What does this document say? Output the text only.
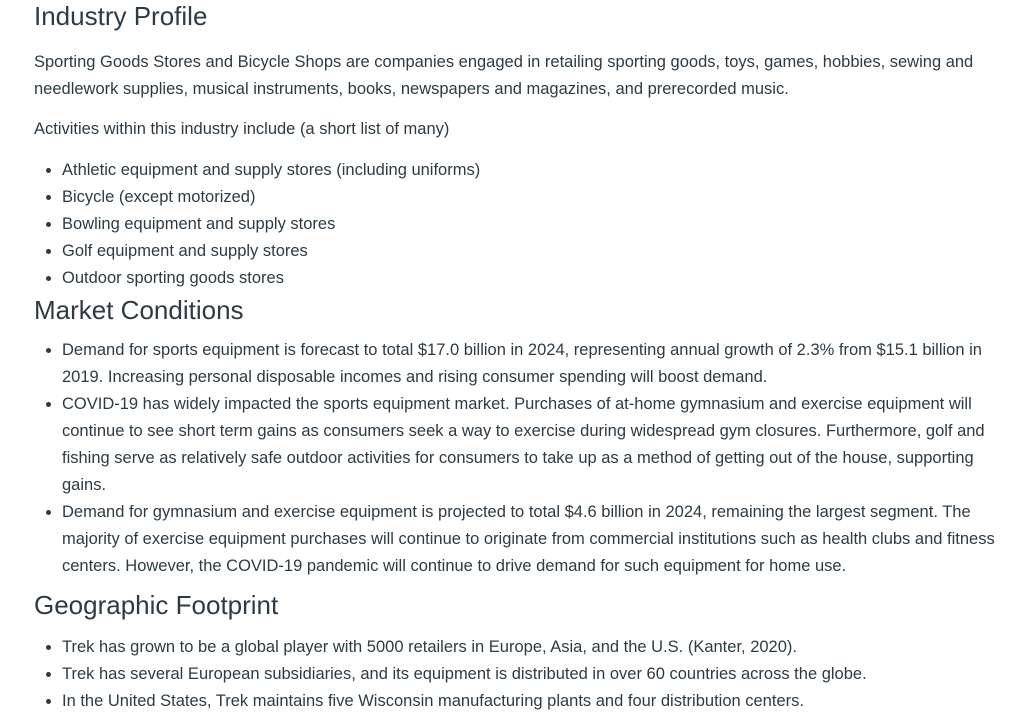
Industry Profile

Sporting Goods Stores and Bicycle Shops are companies engaged in retailing sporting goods, toys, games, hobbies, sewing and needlework supplies, musical instruments, books, newspapers and magazines, and prerecorded music.

Activities within this industry include (a short list of many)

• Athletic equipment and supply stores (including uniforms)
• Bicycle (except motorized)
• Bowling equipment and supply stores
• Golf equipment and supply stores
• Outdoor sporting goods stores
Market Conditions
• Demand for sports equipment is forecast to total $17.0 billion in 2024, representing annual growth of 2.3% from $15.1 billion in 2019. Increasing personal disposable incomes and rising consumer spending will boost demand.
• COVID-19 has widely impacted the sports equipment market. Purchases of at-home gymnasium and exercise equipment will continue to see short term gains as consumers seek a way to exercise during widespread gym closures. Furthermore, golf and fishing serve as relatively safe outdoor activities for consumers to take up as a method of getting out of the house, supporting gains.
• Demand for gymnasium and exercise equipment is projected to total $4.6 billion in 2024, remaining the largest segment. The majority of exercise equipment purchases will continue to originate from commercial institutions such as health clubs and fitness centers. However, the COVID-19 pandemic will continue to drive demand for such equipment for home use.
Geographic Footprint
• Trek has grown to be a global player with 5000 retailers in Europe, Asia, and the U.S. (Kanter, 2020).
• Trek has several European subsidiaries, and its equipment is distributed in over 60 countries across the globe.
• In the United States, Trek maintains five Wisconsin manufacturing plants and four distribution centers.
